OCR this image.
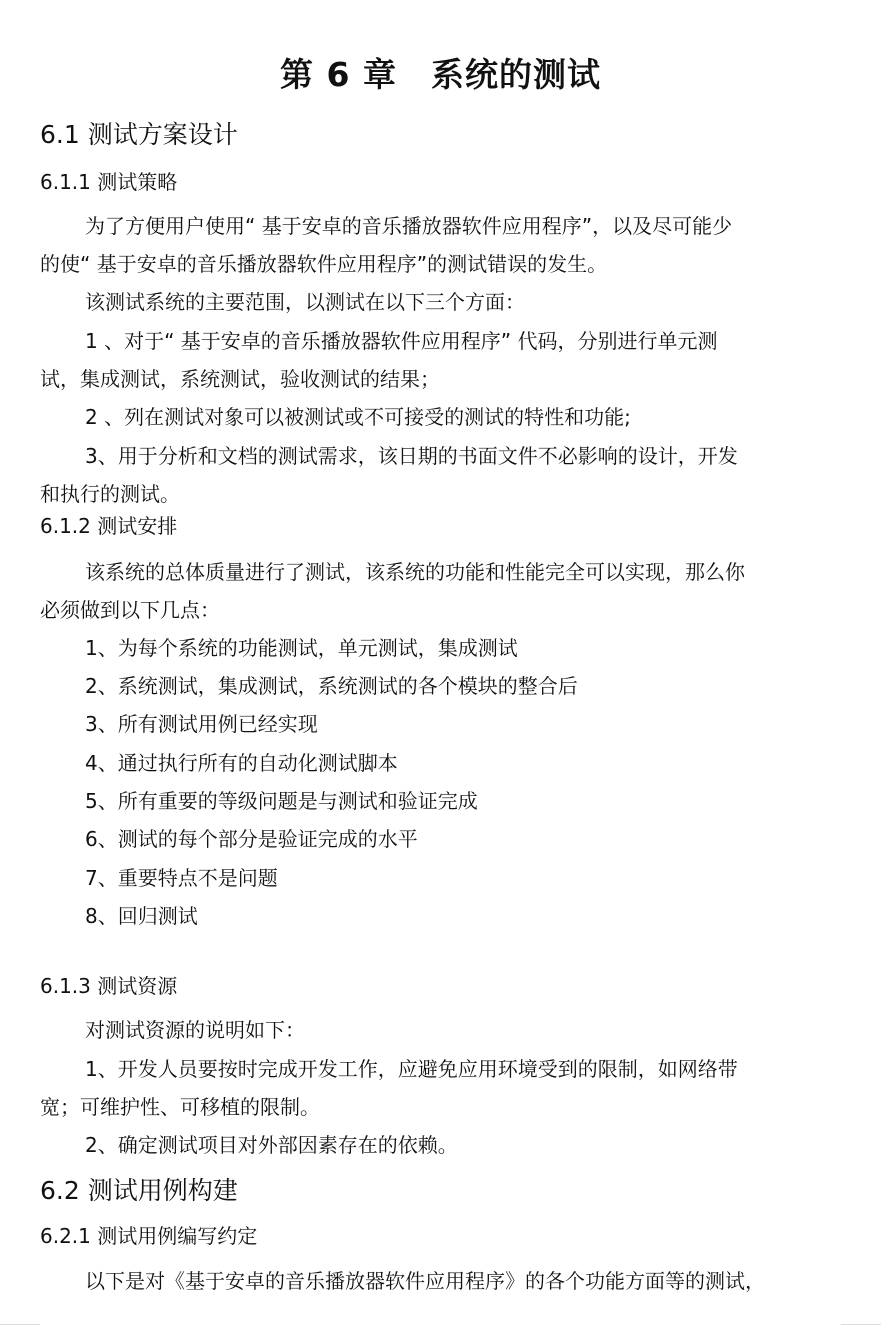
第 6 章　系统的测试
6.1 测试方案设计
6.1.1 测试策略
为了方便用户使用“ 基于安卓的音乐播放器软件应用程序”，以及尽可能少
的使“ 基于安卓的音乐播放器软件应用程序”的测试错误的发生。
该测试系统的主要范围，以测试在以下三个方面：
1 、对于“ 基于安卓的音乐播放器软件应用程序” 代码，分别进行单元测
试，集成测试，系统测试，验收测试的结果；
2 、列在测试对象可以被测试或不可接受的测试的特性和功能;
3、用于分析和文档的测试需求，该日期的书面文件不必影响的设计，开发
和执行的测试。
6.1.2 测试安排
该系统的总体质量进行了测试，该系统的功能和性能完全可以实现，那么你
必须做到以下几点：
1、为每个系统的功能测试，单元测试，集成测试
2、系统测试，集成测试，系统测试的各个模块的整合后
3、所有测试用例已经实现
4、通过执行所有的自动化测试脚本
5、所有重要的等级问题是与测试和验证完成
6、测试的每个部分是验证完成的水平
7、重要特点不是问题
8、回归测试
6.1.3 测试资源
对测试资源的说明如下：
1、开发人员要按时完成开发工作，应避免应用环境受到的限制，如网络带
宽；可维护性、可移植的限制。
2、确定测试项目对外部因素存在的依赖。
6.2 测试用例构建
6.2.1 测试用例编写约定
以下是对《基于安卓的音乐播放器软件应用程序》的各个功能方面等的测试，
